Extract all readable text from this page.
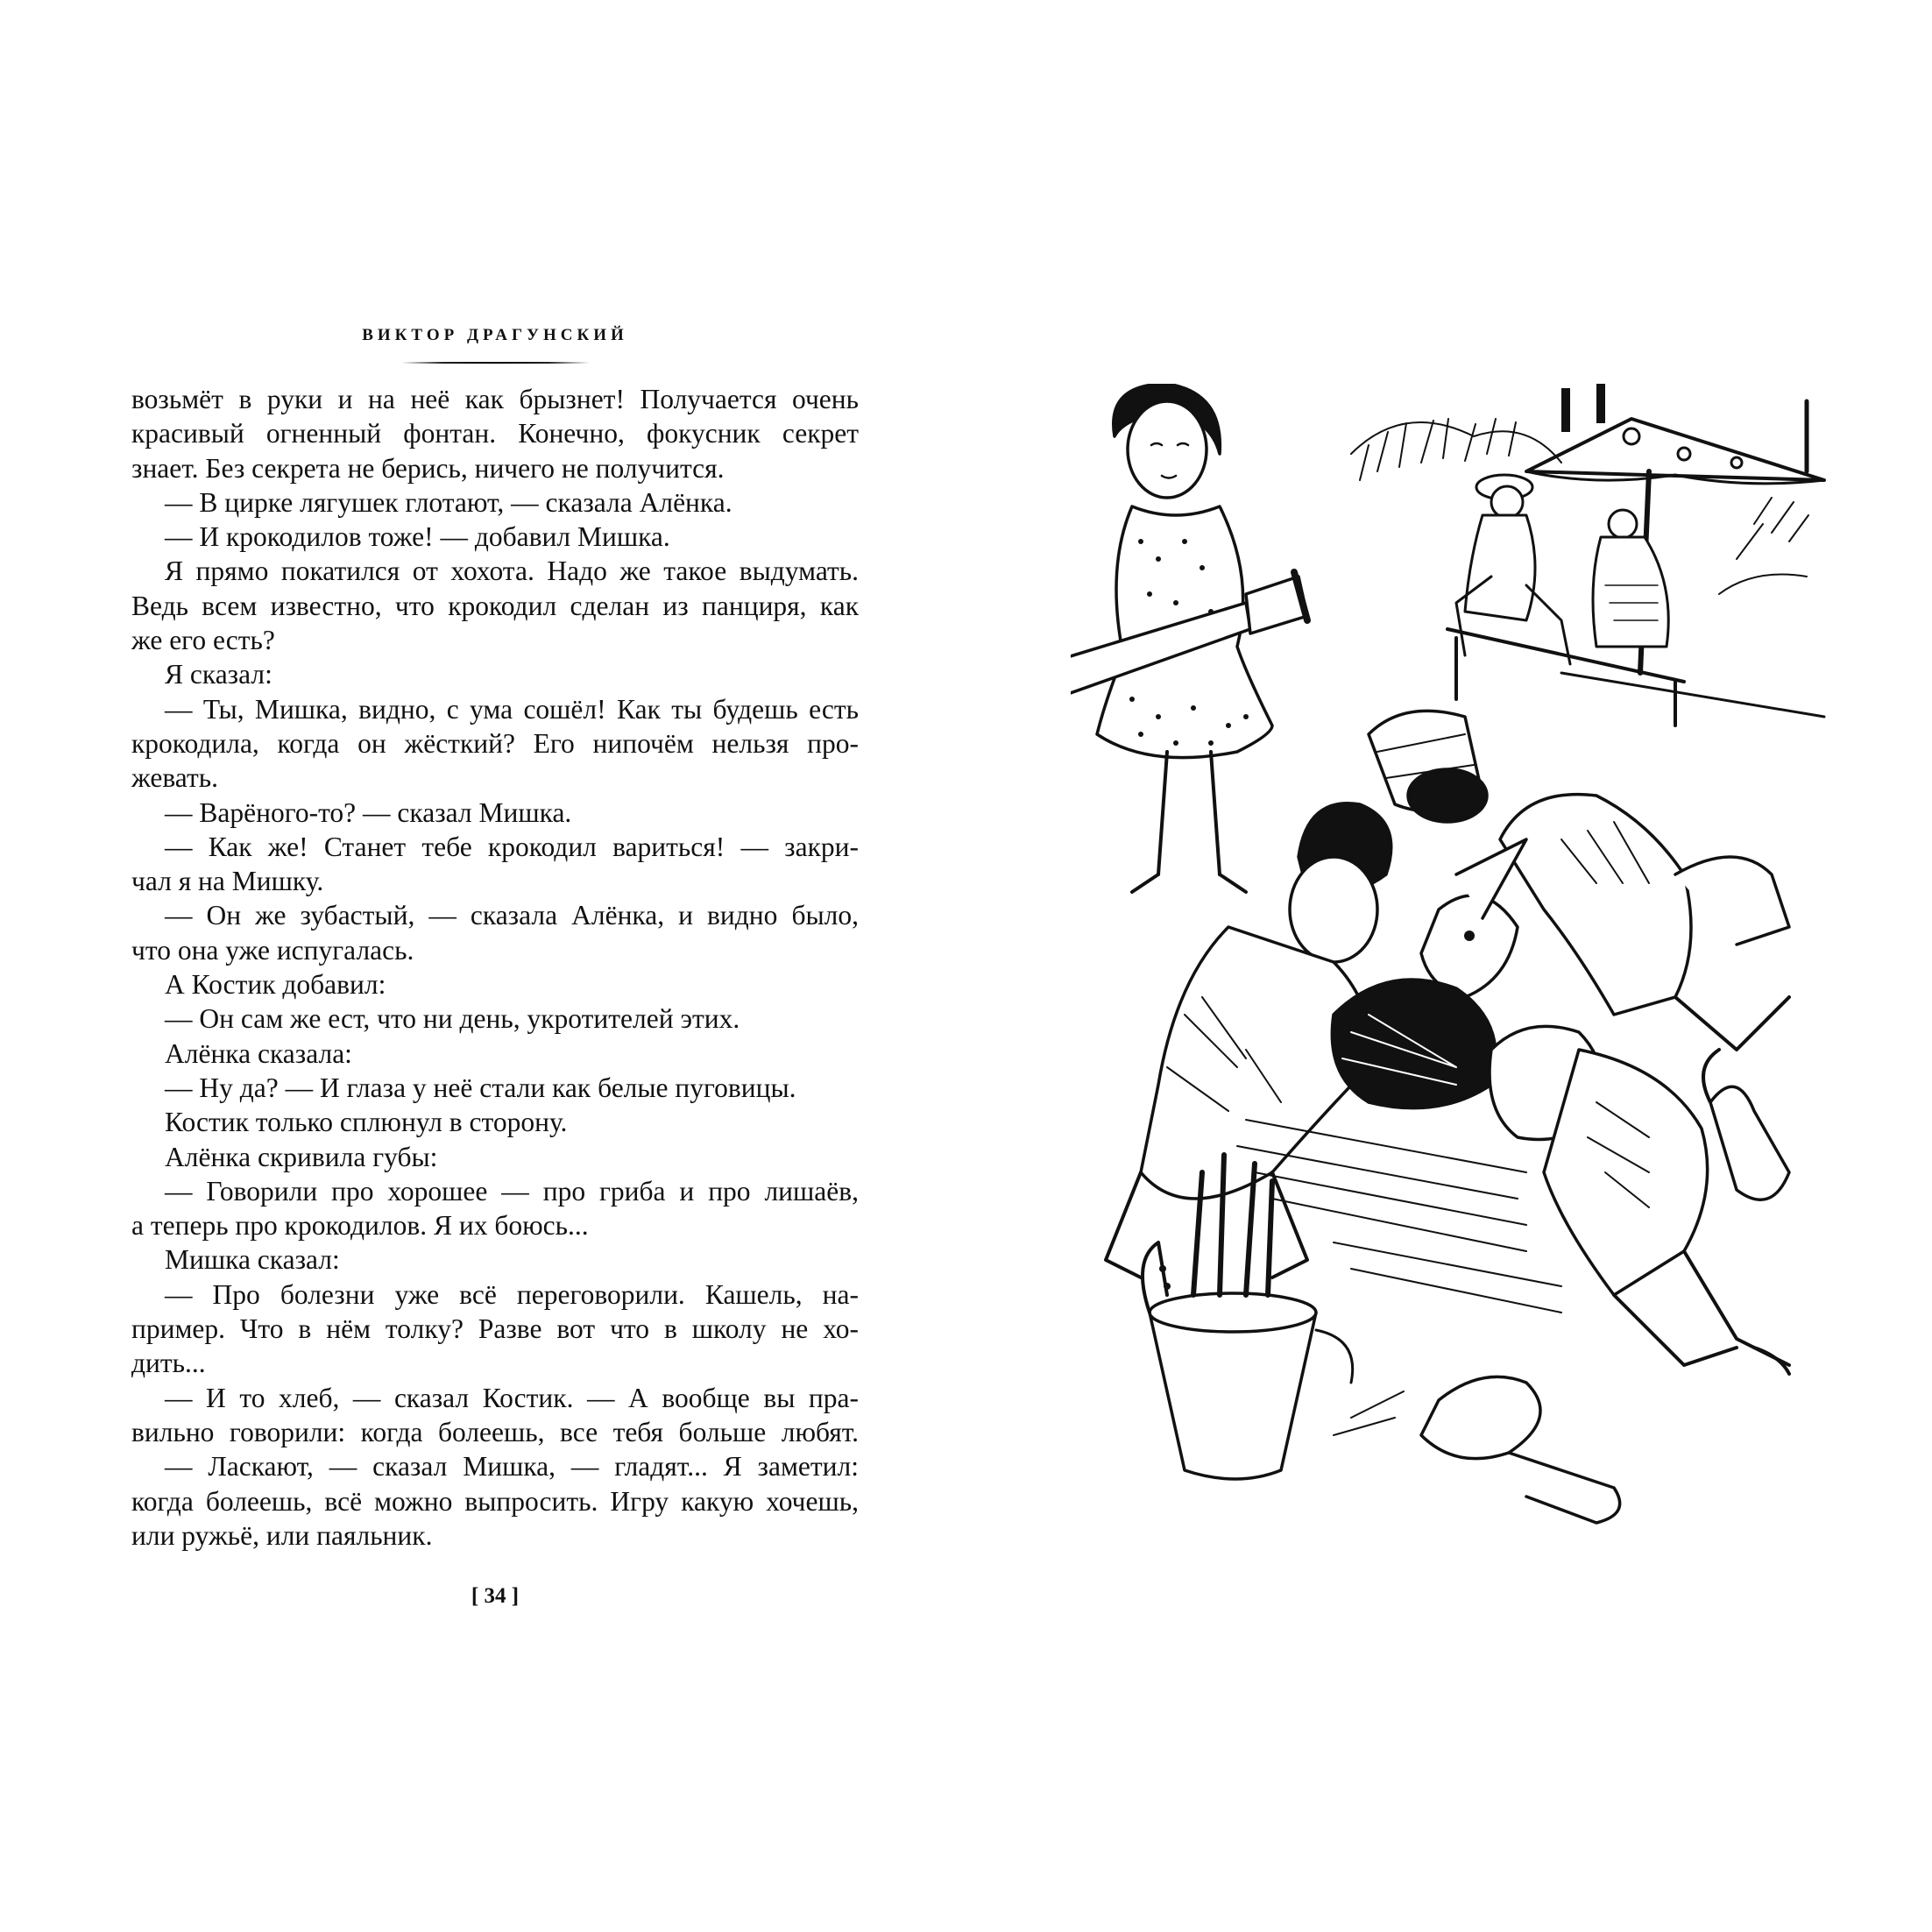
ВИКТОР ДРАГУНСКИЙ
возьмёт в руки и на неё как брызнет! Получается очень
красивый огненный фонтан. Конечно, фокусник секрет
знает. Без секрета не берись, ничего не получится.
— В цирке лягушек глотают, — сказала Алёнка.
— И крокодилов тоже! — добавил Мишка.
Я прямо покатился от хохота. Надо же такое выдумать.
Ведь всем известно, что крокодил сделан из панциря, как
же его есть?
Я сказал:
— Ты, Мишка, видно, с ума сошёл! Как ты будешь есть
крокодила, когда он жёсткий? Его нипочём нельзя про-
жевать.
— Варёного-то? — сказал Мишка.
— Как же! Станет тебе крокодил вариться! — закри-
чал я на Мишку.
— Он же зубастый, — сказала Алёнка, и видно было,
что она уже испугалась.
А Костик добавил:
— Он сам же ест, что ни день, укротителей этих.
Алёнка сказала:
— Ну да? — И глаза у неё стали как белые пуговицы.
Костик только сплюнул в сторону.
Алёнка скривила губы:
— Говорили про хорошее — про гриба и про лишаёв,
а теперь про крокодилов. Я их боюсь...
Мишка сказал:
— Про болезни уже всё переговорили. Кашель, на-
пример. Что в нём толку? Разве вот что в школу не хо-
дить...
— И то хлеб, — сказал Костик. — А вообще вы пра-
вильно говорили: когда болеешь, все тебя больше любят.
— Ласкают, — сказал Мишка, — гладят... Я заметил:
когда болеешь, всё можно выпросить. Игру какую хочешь,
или ружьё, или паяльник.
[ 34 ]
